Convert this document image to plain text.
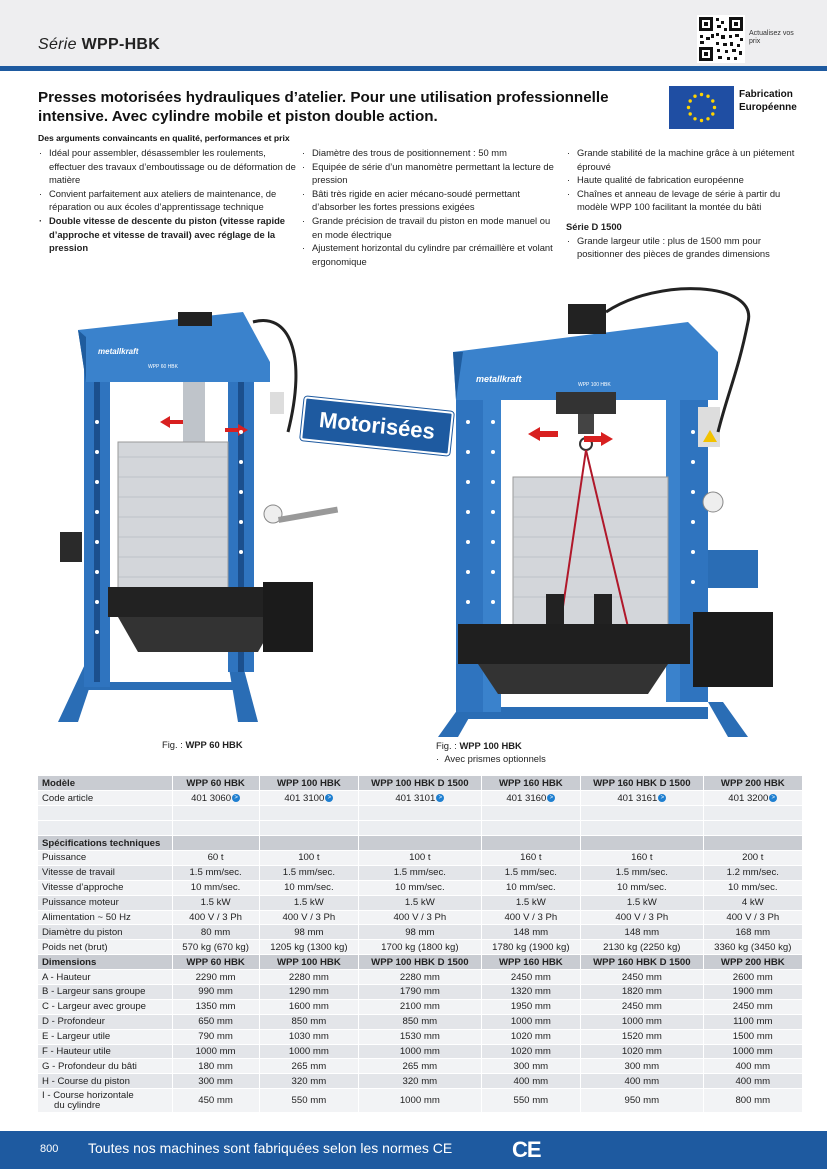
Série WPP-HBK
Actualisez vos prix
Presses motorisées hydrauliques d’atelier. Pour une utilisation professionnelle intensive. Avec cylindre mobile et piston double action.
Fabrication Européenne
Des arguments convaincants en qualité, performances et prix
· Idéal pour assembler, désassembler les roulements, effectuer des travaux d’emboutissage ou de déformation de matière
· Convient parfaitement aux ateliers de maintenance, de réparation ou aux écoles d’apprentissage technique
· Double vitesse de descente du piston (vitesse rapide d’approche et vitesse de travail) avec réglage de la pression
· Diamètre des trous de positionnement : 50 mm
· Equipée de série d’un manomètre permettant la lecture de pression
· Bâti très rigide en acier mécano-soudé permettant d’absorber les fortes pressions exigées
· Grande précision de travail du piston en mode manuel ou en mode électrique
· Ajustement horizontal du cylindre par crémaillère et volant ergonomique
· Grande stabilité de la machine grâce à un piétement éprouvé
· Haute qualité de fabrication européenne
· Chaînes et anneau de levage de série à partir du modèle WPP 100 facilitant la montée du bâti
Série D 1500
· Grande largeur utile : plus de 1500 mm pour positionner des pièces de grandes dimensions
metallkraft
WPP 60 HBK
metallkraft
WPP 100 HBK
Motorisées
Fig. : WPP 60 HBK	Fig. : WPP 100 HBK
·  Avec prismes optionnels
Modèle	WPP 60 HBK	WPP 100 HBK	WPP 100 HBK D 1500	WPP 160 HBK	WPP 160 HBK D 1500	WPP 200 HBK
Code article	401 3060 >	401 3100 >	401 3101 >	401 3160 >	401 3161 >	401 3200 >

Spécifications techniques						
Puissance	60 t	100 t	100 t	160 t	160 t	200 t
Vitesse de travail	1.5 mm/sec.	1.5 mm/sec.	1.5 mm/sec.	1.5 mm/sec.	1.5 mm/sec.	1.2 mm/sec.
Vitesse d’approche	10 mm/sec.	10 mm/sec.	10 mm/sec.	10 mm/sec.	10 mm/sec.	10 mm/sec.
Puissance moteur	1.5 kW	1.5 kW	1.5 kW	1.5 kW	1.5 kW	4 kW
Alimentation ~ 50 Hz	400 V / 3 Ph	400 V / 3 Ph	400 V / 3 Ph	400 V / 3 Ph	400 V / 3 Ph	400 V / 3 Ph
Diamètre du piston	80 mm	98 mm	98 mm	148 mm	148 mm	168 mm
Poids net (brut)	570 kg (670 kg)	1205 kg (1300 kg)	1700 kg (1800 kg)	1780 kg (1900 kg)	2130 kg (2250 kg)	3360 kg (3450 kg)
Dimensions	WPP 60 HBK	WPP 100 HBK	WPP 100 HBK D 1500	WPP 160 HBK	WPP 160 HBK D 1500	WPP 200 HBK
A - Hauteur	2290 mm	2280 mm	2280 mm	2450 mm	2450 mm	2600 mm
B - Largeur sans groupe	990 mm	1290 mm	1790 mm	1320 mm	1820 mm	1900 mm
C - Largeur avec groupe	1350 mm	1600 mm	2100 mm	1950 mm	2450 mm	2450 mm
D - Profondeur	650 mm	850 mm	850 mm	1000 mm	1000 mm	1100 mm
E - Largeur utile	790 mm	1030 mm	1530 mm	1020 mm	1520 mm	1500 mm
F - Hauteur utile	1000 mm	1000 mm	1000 mm	1020 mm	1020 mm	1000 mm
G - Profondeur du bâti	180 mm	265 mm	265 mm	300 mm	300 mm	400 mm
H - Course du piston	300 mm	320 mm	320 mm	400 mm	400 mm	400 mm

I - Course horizontale
du cylindre	450 mm	550 mm	1000 mm	550 mm	950 mm	800 mm
800 Toutes nos machines sont fabriquées selon les normes CE	CE
